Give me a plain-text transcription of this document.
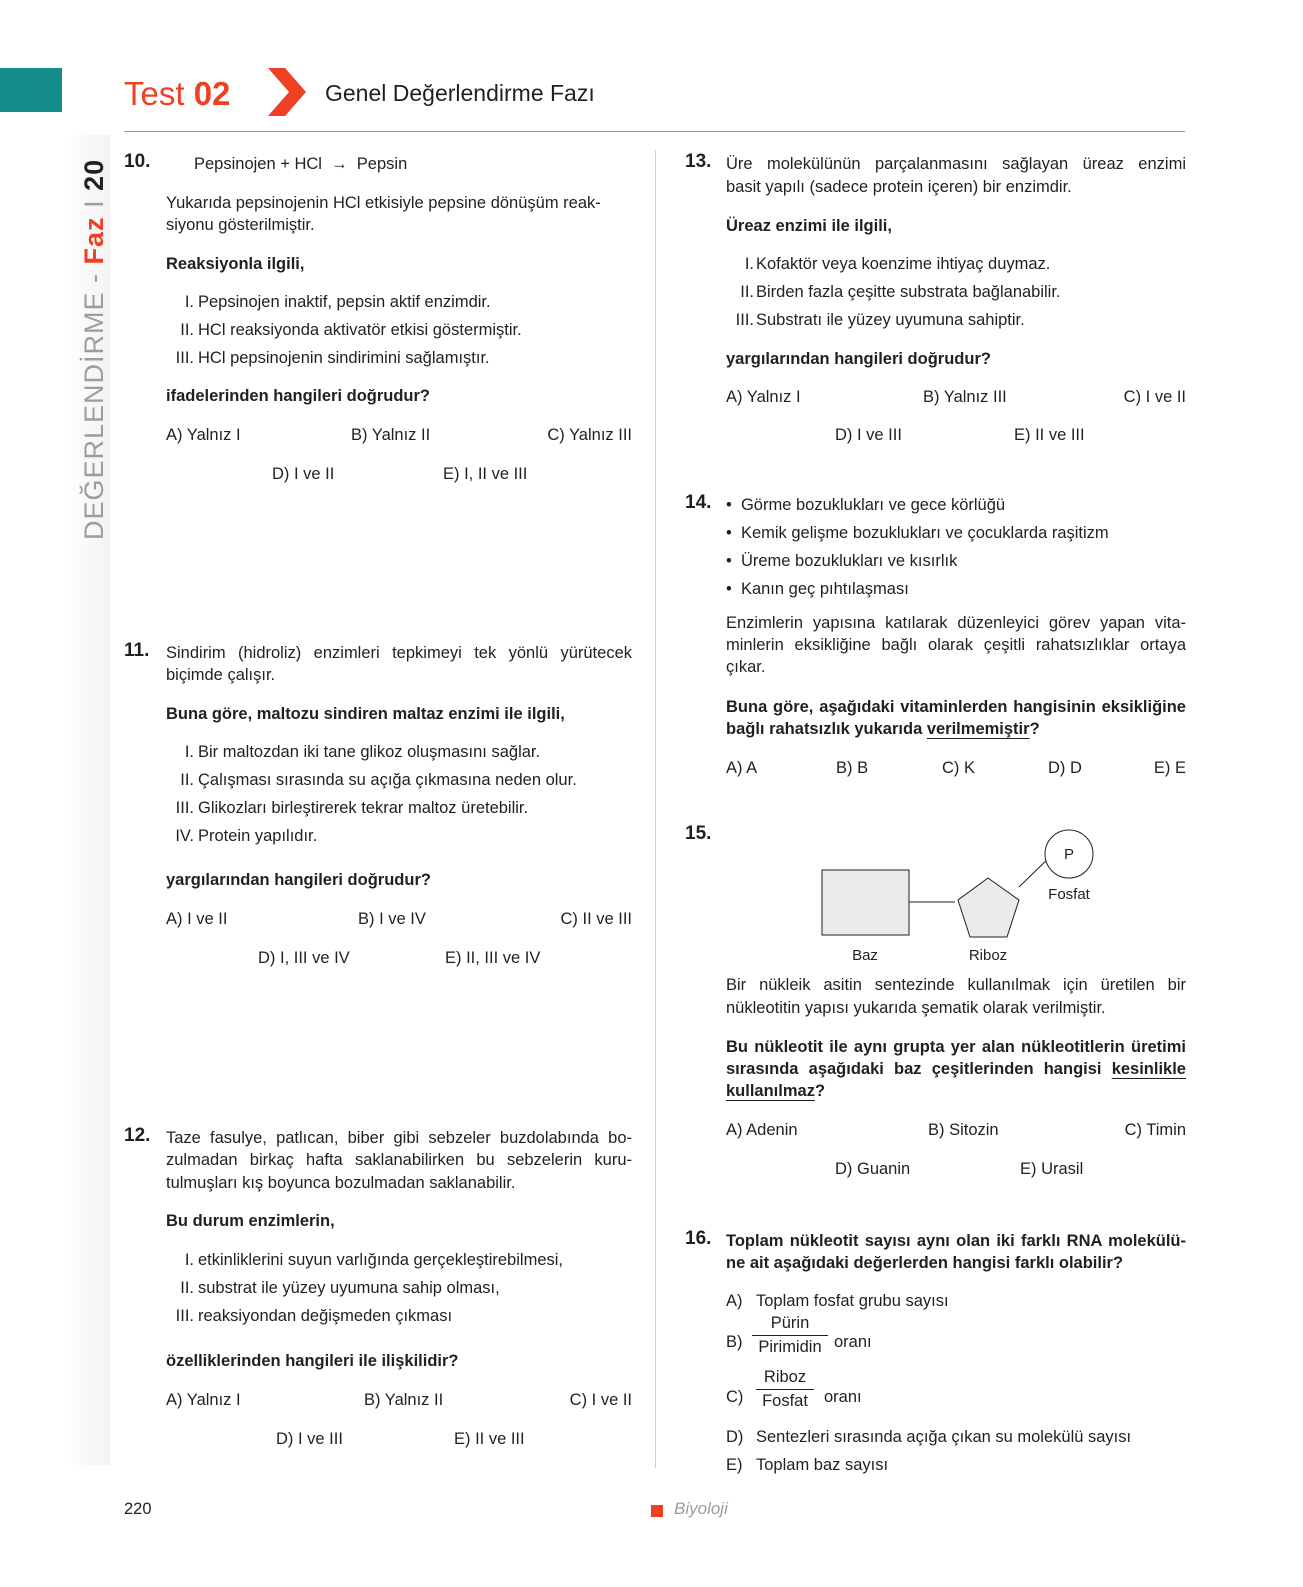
Test 02	Genel Değerlendirme Fazı
DEĞERLENDİRME - Faz I 20 10.	Pepsinojen + HCl → Pepsin
Yukarıda pepsinojenin HCl etkisiyle pepsine dönüşüm reak-
siyonu gösterilmiştir.
Reaksiyonla ilgili,
I. Pepsinojen inaktif, pepsin aktif enzimdir.
II. HCl reaksiyonda aktivatör etkisi göstermiştir.
III. HCl pepsinojenin sindirimini sağlamıştır.
ifadelerinden hangileri doğrudur?
A) Yalnız I	B) Yalnız II	C) Yalnız III
D) I ve II	E) I, II ve III
11. Sindirim (hidroliz) enzimleri tepkimeyi tek yönlü yürütecek
biçimde çalışır.
Buna göre, maltozu sindiren maltaz enzimi ile ilgili,
I. Bir maltozdan iki tane glikoz oluşmasını sağlar.
II. Çalışması sırasında su açığa çıkmasına neden olur.
III. Glikozları birleştirerek tekrar maltoz üretebilir.
IV. Protein yapılıdır.
yargılarından hangileri doğrudur?
A) I ve II	B) I ve IV	C) II ve III
D) I, III ve IV	E) II, III ve IV
12. Taze fasulye, patlıcan, biber gibi sebzeler buzdolabında bo-
zulmadan birkaç hafta saklanabilirken bu sebzelerin kuru-
tulmuşları kış boyunca bozulmadan saklanabilir.
Bu durum enzimlerin,
I. etkinliklerini suyun varlığında gerçekleştirebilmesi,
II. substrat ile yüzey uyumuna sahip olması,
III. reaksiyondan değişmeden çıkması
özelliklerinden hangileri ile ilişkilidir?
A) Yalnız I	B) Yalnız II	C) I ve II
D) I ve III	E) II ve III
13. Üre molekülünün parçalanmasını sağlayan üreaz enzimi
basit yapılı (sadece protein içeren) bir enzimdir.
Üreaz enzimi ile ilgili,
I. Kofaktör veya koenzime ihtiyaç duymaz.
II. Birden fazla çeşitte substrata bağlanabilir.
III. Substratı ile yüzey uyumuna sahiptir.
yargılarından hangileri doğrudur?
A) Yalnız I	B) Yalnız III	C) I ve II
D) I ve III	E) II ve III
14. •  Görme bozuklukları ve gece körlüğü
•  Kemik gelişme bozuklukları ve çocuklarda raşitizm
•  Üreme bozuklukları ve kısırlık
•  Kanın geç pıhtılaşması
Enzimlerin yapısına katılarak düzenleyici görev yapan vita-
minlerin eksikliğine bağlı olarak çeşitli rahatsızlıklar ortaya
çıkar.
Buna göre, aşağıdaki vitaminlerden hangisinin eksikliğine
bağlı rahatsızlık yukarıda verilmemiştir?
A) A	B) B	C) K	D) D	E) E
15.
P
Fosfat
Baz	Riboz
Bir nükleik asitin sentezinde kullanılmak için üretilen bir
nükleotitin yapısı yukarıda şematik olarak verilmiştir.
Bu nükleotit ile aynı grupta yer alan nükleotitlerin üretimi
sırasında aşağıdaki baz çeşitlerinden hangisi kesinlikle
kullanılmaz?
A) Adenin	B) Sitozin	C) Timin
D) Guanin	E) Urasil
16. Toplam nükleotit sayısı aynı olan iki farklı RNA molekülü-
ne ait aşağıdaki değerlerden hangisi farklı olabilir?
A) Toplam fosfat grubu sayısı
B)
Pürin
Pirimidin oranı
C)
Riboz
Fosfat oranı
D) Sentezleri sırasında açığa çıkan su molekülü sayısı
E) Toplam baz sayısı
220	Biyoloji
